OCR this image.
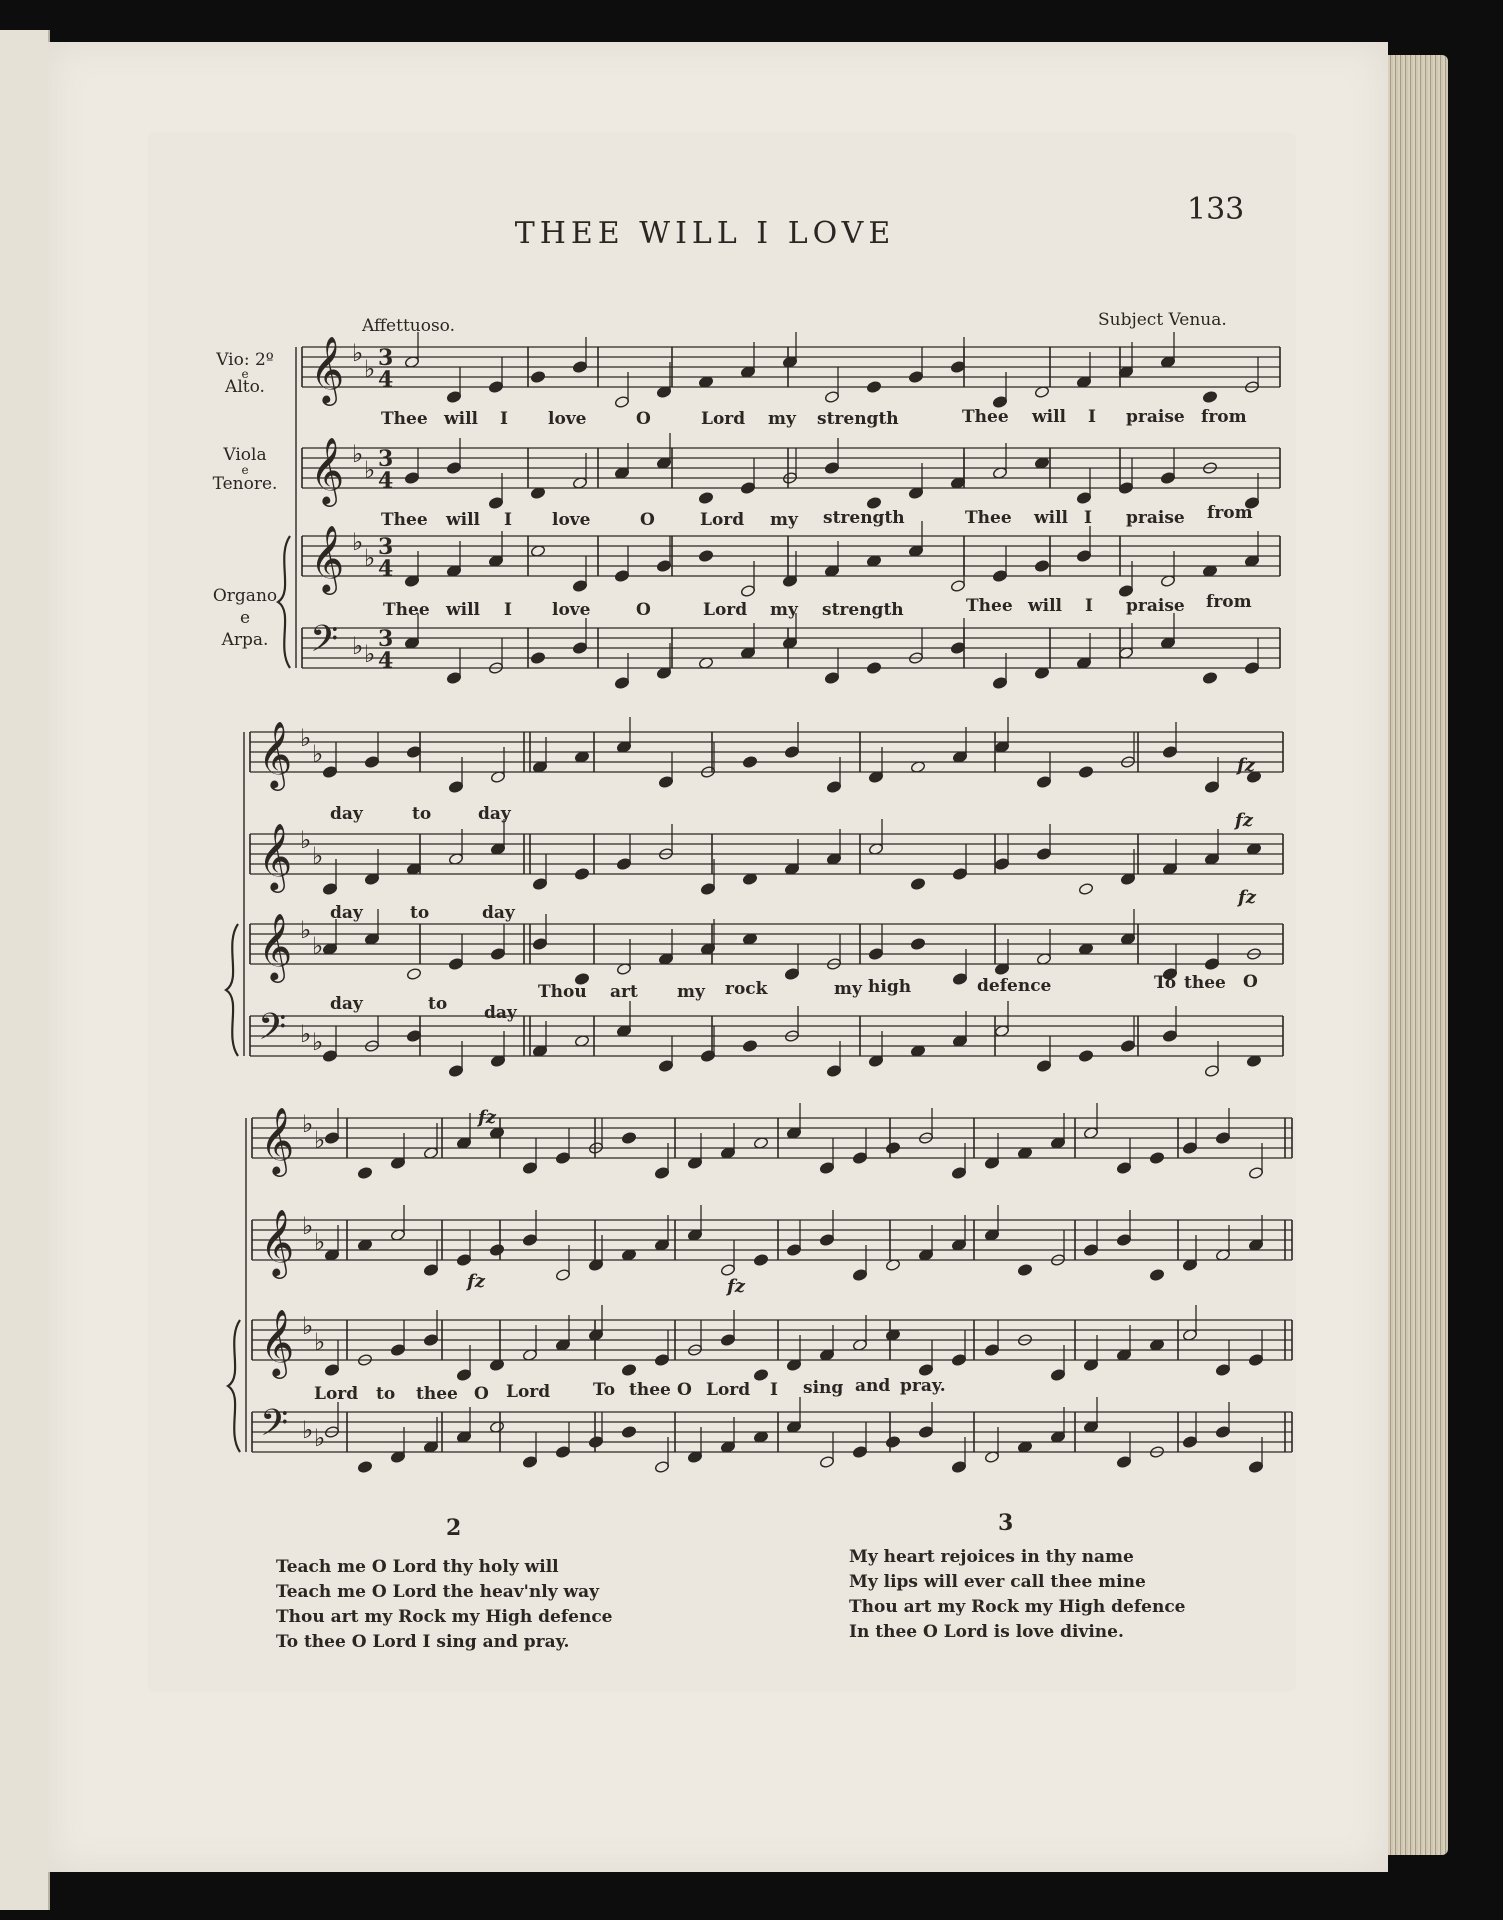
133
THEE WILL I LOVE
Affettuoso.	Subject Venua.
Vio: 2º
e
Alto.
Viola
e
Tenore.
Organo
e
Arpa.
𝄞 ♭
♭ 3
4
𝄞 ♭
♭ 3
4
𝄞 ♭
♭ 3
4
𝄢 ♭ ♭
3
4
𝄞 ♭
♭
𝄞 ♭
♭
𝄞 ♭
♭
𝄢 ♭ ♭
𝄞 ♭
♭
𝄞 ♭
♭
𝄞 ♭
♭
𝄢 ♭ ♭
Thee will I love	O	Lord my strength	Thee will I praise from
Thee will I love	O	Lord my strength	Thee will I praise from
Thee will I love	O	Lord my strength	Thee will I praise from
day	to	day
day	to	day
day	to day
Thou art my rock	my high	defence	To thee O
Lord to thee O Lord	To thee O Lord I sing and pray.
fz
fz
fz
fz
fz	fz
2
Teach me O Lord thy holy will
Teach me O Lord the heav'nly way
Thou art my Rock my High defence
To thee O Lord I sing and pray.
3
My heart rejoices in thy name
My lips will ever call thee mine
Thou art my Rock my High defence
In thee O Lord is love divine.
